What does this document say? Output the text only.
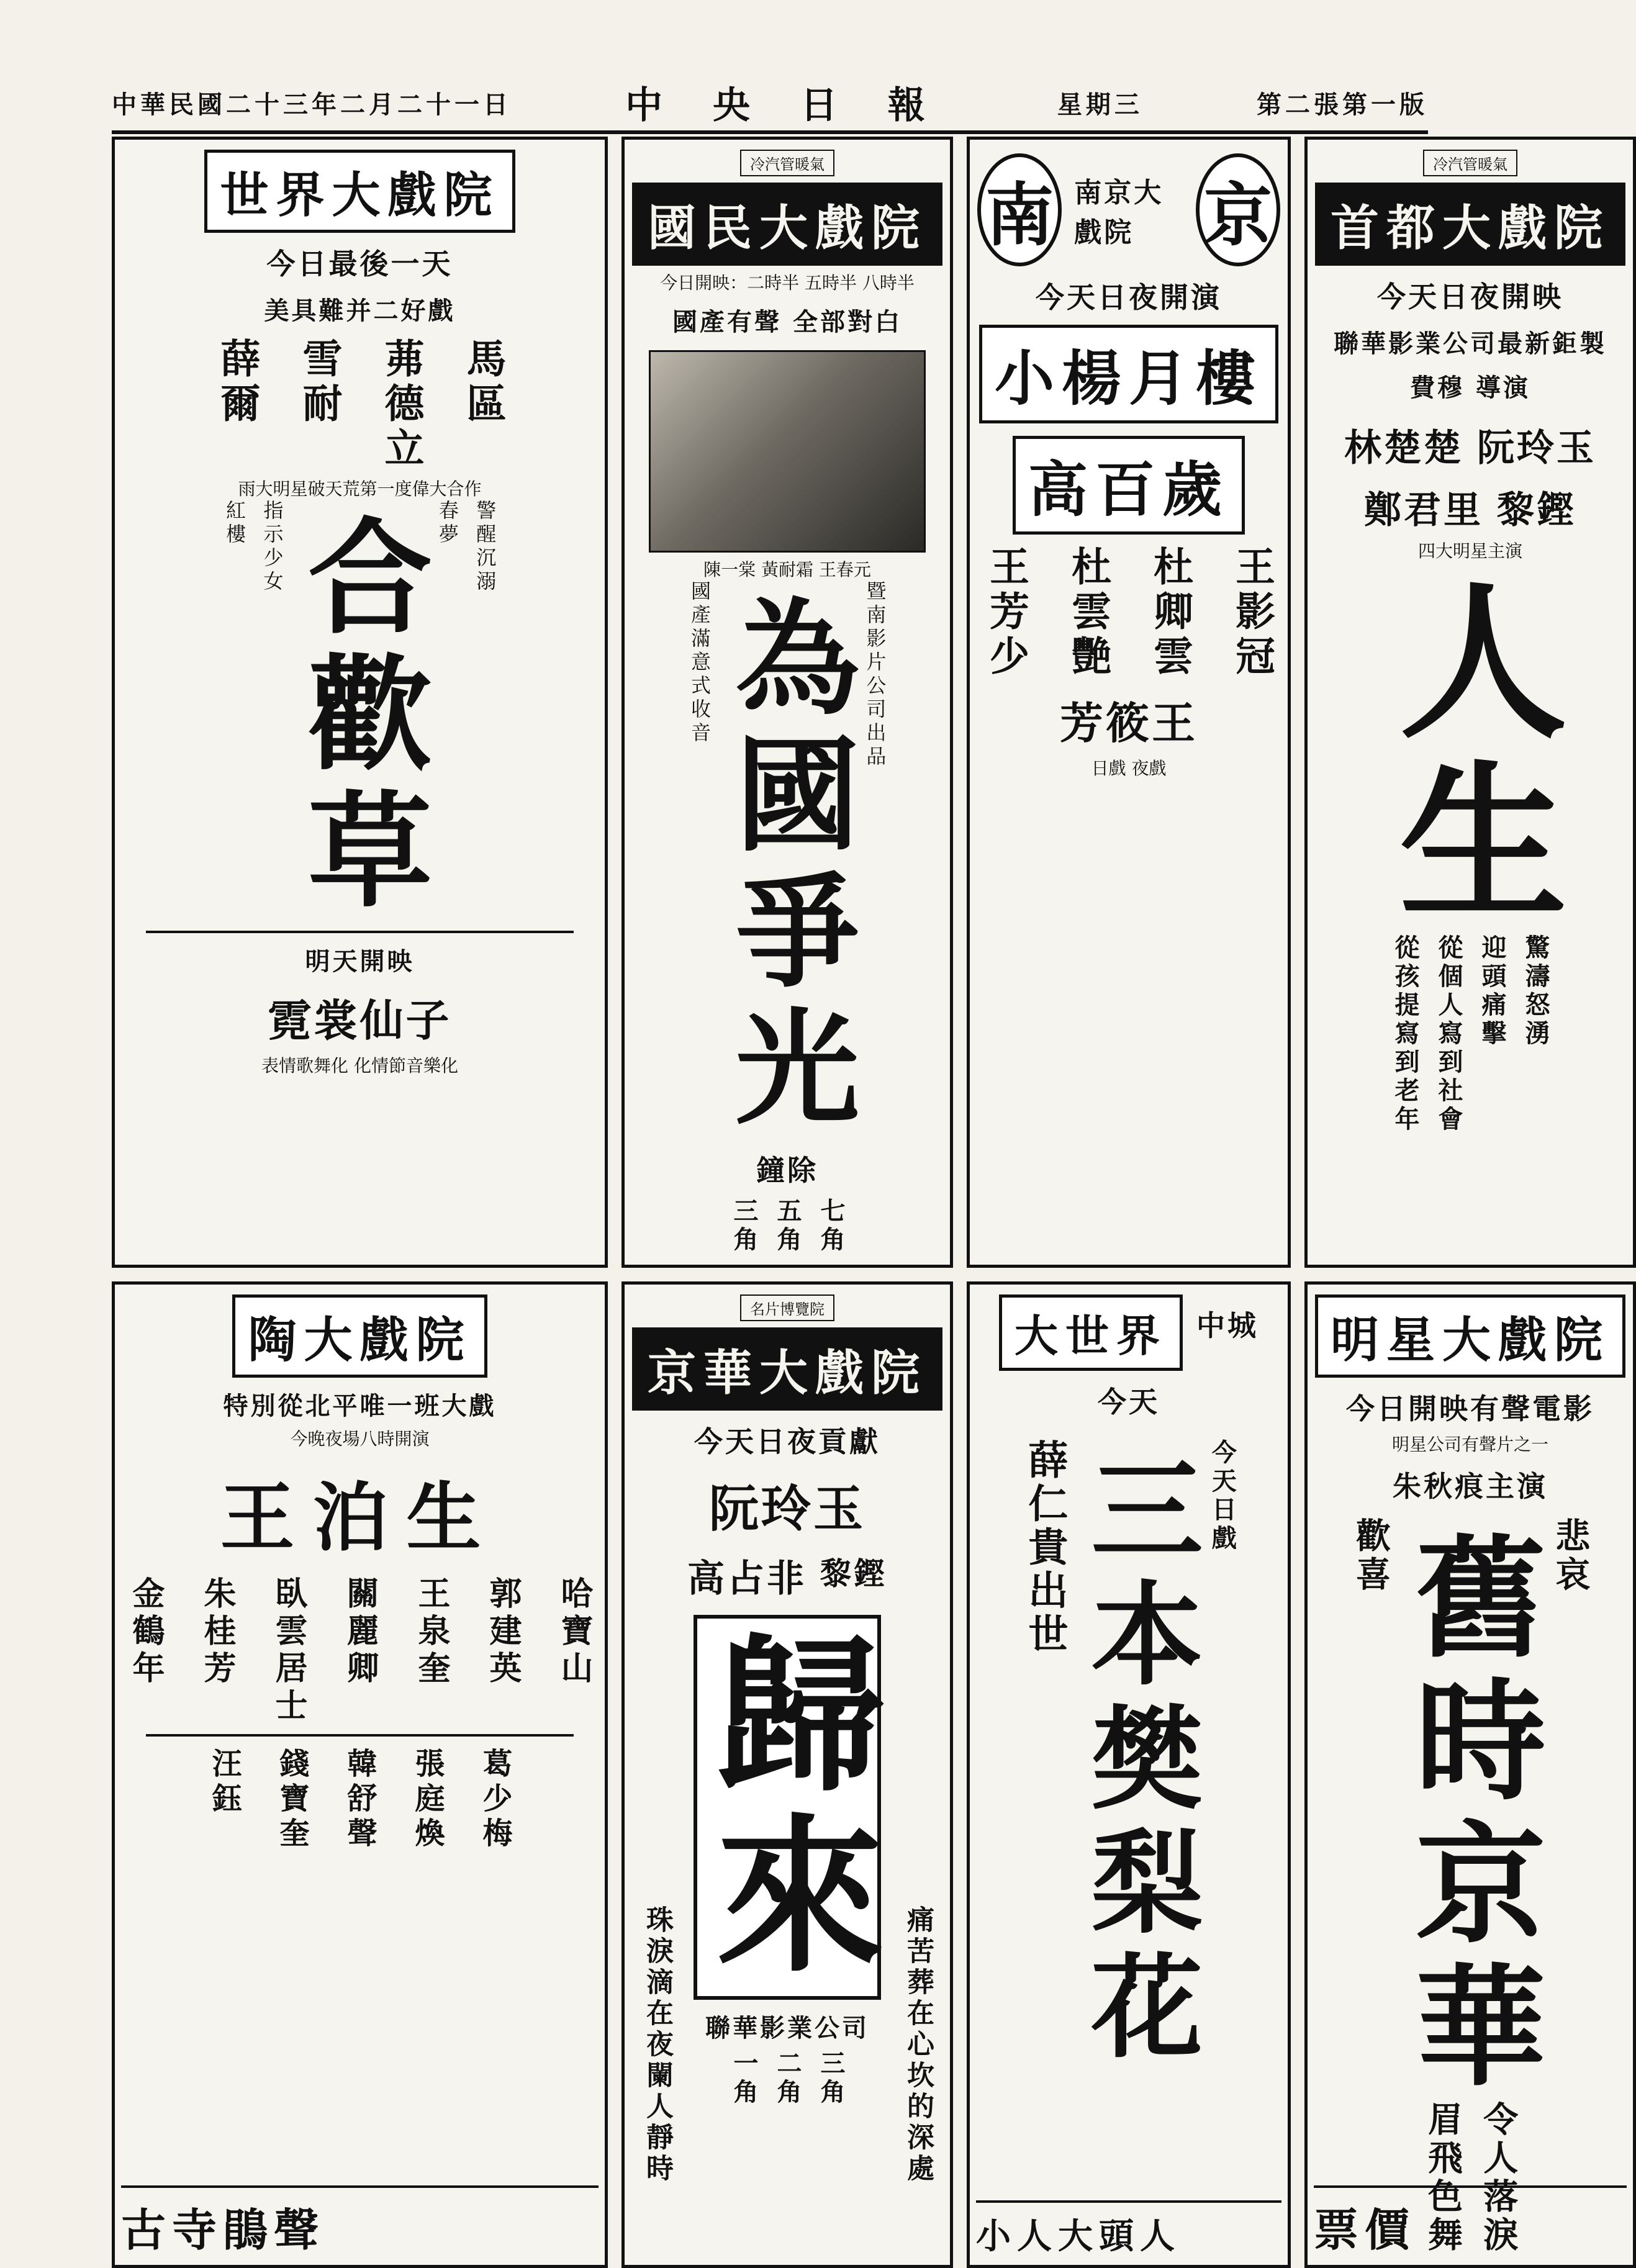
中華民國二十三年二月二十一日	中 央 日 報	星期三	第二張第一版
世界大戲院
今日最後一天
美具難并二好戲
薛爾 雪耐 茀德立 馬區
雨大明星破天荒第一度偉大合作
紅樓 指示少女 合歡草 春夢 警醒沉溺
明天開映
霓裳仙子
表情歌舞化 化情節音樂化
冷汽管暖氣
國民大戲院
今日開映：二時半 五時半 八時半
國產有聲 全部對白
陳一棠 黃耐霜 王春元
國產滿意式收音 為國爭光 暨南影片公司出品
鐘除
三角 五角 七角
南 南京大戲院	京
今天日夜開演
小楊月樓
高百歲
王芳少 杜雲艷 杜卿雲 王影冠
芳筱王
日戲 夜戲
冷汽管暖氣
首都大戲院
今天日夜開映
聯華影業公司最新鉅製
費穆 導演
林楚楚 阮玲玉
鄭君里 黎鏗
四大明星主演
人生
從孩提寫到老年 從個人寫到社會 迎頭痛擊 驚濤怒湧
陶大戲院
特別從北平唯一班大戲
今晚夜場八時開演
王泊生
金鶴年 朱桂芳 臥雲居士 關麗卿 王泉奎 郭建英 哈寶山
汪鈺 錢寶奎 韓舒聲 張庭煥 葛少梅
古寺鵑聲
名片博覽院
京華大戲院
今天日夜貢獻
阮玲玉
高占非 黎鏗
歸來
珠淚滴在夜闌人靜時	痛苦葬在心坎的深處
聯華影業公司
一角 二角 三角
大世界	中城
今天
薛仁貴出世 三本樊梨花 今天日戲
小人大頭人
明星大戲院
今日開映有聲電影
明星公司有聲片之一
朱秋痕主演
歡喜 舊時京華 悲哀
眉飛色舞 令人落淚
票價
